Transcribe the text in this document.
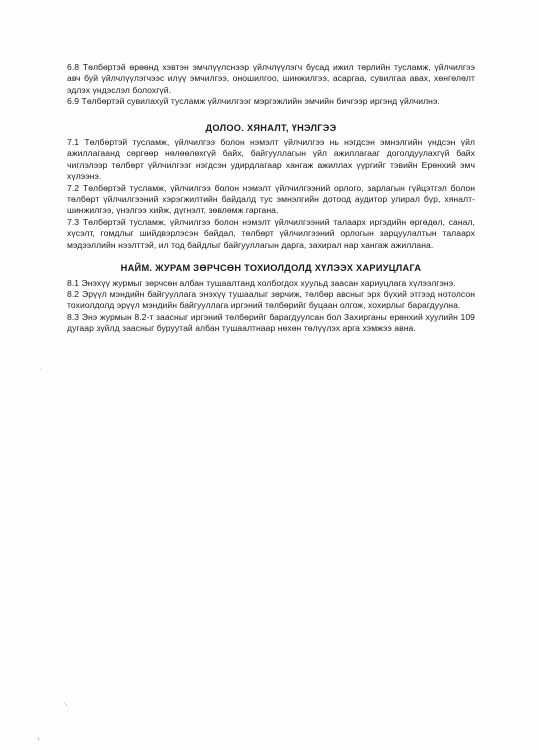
6.8 Төлбөртэй өрөөнд хэвтэн эмчлүүлснээр үйлчлүүлэгч бусад ижил төрлийн тусламж, үйлчилгээ авч буй үйлчлүүлэгчээс илүү эмчилгээ, оношилгоо, шинжилгээ, асаргаа, сувилгаа авах, хөнгөлөлт эдлэх үндэслэл болохгүй.

6.9 Төлбөртэй сувилахуй тусламж үйлчилгээг мэргэжлийн эмчийн бичгээр иргэнд үйлчилнэ.

ДОЛОО. ХЯНАЛТ, ҮНЭЛГЭЭ

7.1 Төлбөртэй тусламж, үйлчилгээ болон нэмэлт үйлчилгээ нь нэгдсэн эмнэлгийн үндсэн үйл ажиллагаанд сөргөөр нөлөөлөхгүй байх, байгууллагын үйл ажиллагааг доголдуулахгүй байх чиглэлээр төлбөрт үйлчилгээг нэгдсэн удирдлагаар хангаж ажиллах үүргийг тэвийн Ерөнхий эмч хүлээнэ.

7.2 Төлбөртэй тусламж, үйлчилгээ болон нэмэлт үйлчилгээний орлого, зарлагын гүйцэтгэл болон төлбөрт үйлчилгээний хэрэгжилтийн байдалд тус эмнэлгийн дотоод аудитор улирал бүр, хяналт-шинжилгээ, үнэлгээ хийж, дүгнэлт, зөвлөмж гаргана.

7.3 Төлбөртэй тусламж, үйлчилгээ болон нэмэлт үйлчилгээний талаарх иргэдийн өргөдөл, санал, хүсэлт, гомдлыг шийдвэрлэсэн байдал, төлбөрт үйлчилгээний орлогын зарцуулалтын талаарх мэдээллийн нээлттэй, ил тод байдлыг байгууллагын дарга, захирал нар хангаж ажиллана.

НАЙМ. ЖУРАМ ЗӨРЧСӨН ТОХИОЛДОЛД ХҮЛЭЭХ ХАРИУЦЛАГА

8.1 Энэхүү журмыг зөрчсөн албан тушаалтанд холбогдох хуульд заасан хариуцлага хүлээлгэнэ.

8.2 Эрүүл мэндийн байгууллага энэхүү тушаалыг зөрчиж, төлбөр авсныг эрх бүхий этгээд нотолсон тохиолдолд эрүүл мэндийн байгууллага иргэний төлбөрийг буцаан олгож, хохирлыг барагдуулна.

8.3 Энэ журмын 8.2-т заасныг иргэний төлбөрийг барагдуулсан бол Захирганы ерөнхий хуулийн 109 дугаар зүйлд заасныг буруутай албан тушаалтнаар нөхөн төлүүлэх арга хэмжээ авна.

·
·.
'
